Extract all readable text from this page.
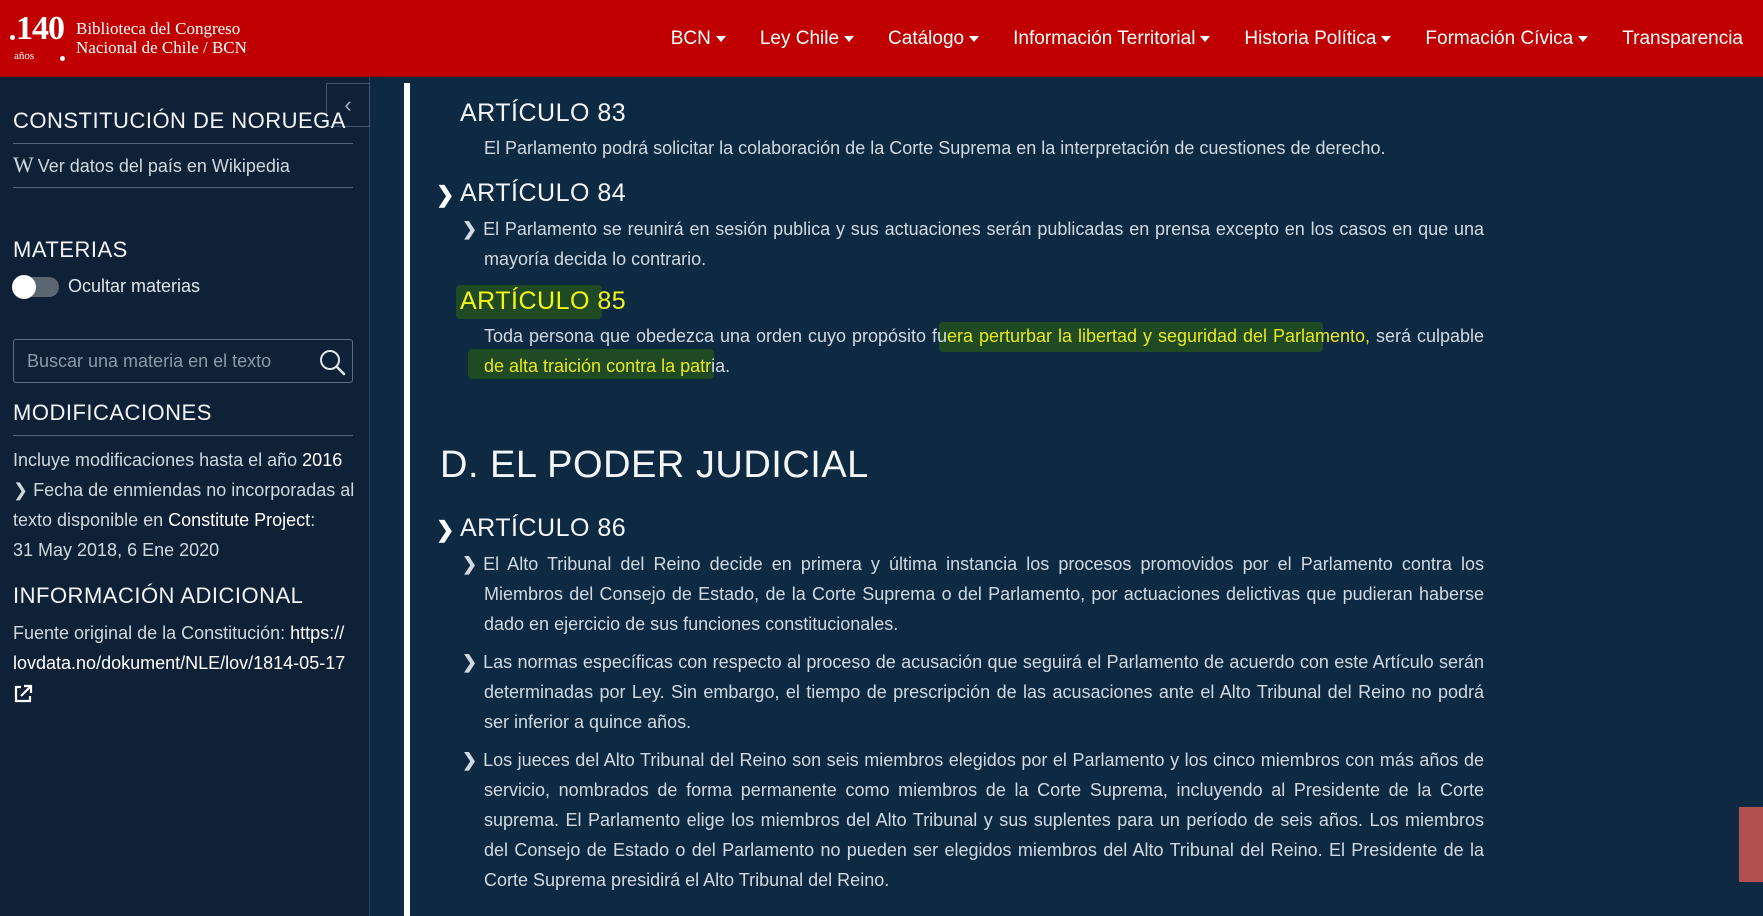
140
años
Biblioteca del Congreso
Nacional de Chile / BCN	BCN	Ley Chile	Catálogo	Información Territorial	Historia Política	Formación Cívica	Transparencia
‹
CONSTITUCIÓN DE NORUEGA
W Ver datos del país en Wikipedia
MATERIAS
Ocultar materias
Buscar una materia en el texto
MODIFICACIONES
Incluye modificaciones hasta el año 2016
❯ Fecha de enmiendas no incorporadas al texto disponible en Constitute Project:
31 May 2018, 6 Ene 2020
INFORMACIÓN ADICIONAL
Fuente original de la Constitución: https:// lovdata.no/dokument/NLE/lov/1814-05-17

ARTÍCULO 83
El Parlamento podrá solicitar la colaboración de la Corte Suprema en la interpretación de cuestiones de derecho.
❯ ARTÍCULO 84
❯ El Parlamento se reunirá en sesión publica y sus actuaciones serán publicadas en prensa excepto en los casos en que una mayoría decida lo contrario.
ARTÍCULO 85
Toda persona que obedezca una orden cuyo propósito fuera perturbar la libertad y seguridad del Parlamento, será culpable de alta traición contra la patria.
D. EL PODER JUDICIAL
❯ ARTÍCULO 86
❯ El Alto Tribunal del Reino decide en primera y última instancia los procesos promovidos por el Parlamento contra los Miembros del Consejo de Estado, de la Corte Suprema o del Parlamento, por actuaciones delictivas que pudieran haberse dado en ejercicio de sus funciones constitucionales.
❯ Las normas específicas con respecto al proceso de acusación que seguirá el Parlamento de acuerdo con este Artículo serán determinadas por Ley. Sin embargo, el tiempo de prescripción de las acusaciones ante el Alto Tribunal del Reino no podrá ser inferior a quince años.
❯ Los jueces del Alto Tribunal del Reino son seis miembros elegidos por el Parlamento y los cinco miembros con más años de servicio, nombrados de forma permanente como miembros de la Corte Suprema, incluyendo al Presidente de la Corte suprema. El Parlamento elige los miembros del Alto Tribunal y sus suplentes para un período de seis años. Los miembros del Consejo de Estado o del Parlamento no pueden ser elegidos miembros del Alto Tribunal del Reino. El Presidente de la Corte Suprema presidirá el Alto Tribunal del Reino.
